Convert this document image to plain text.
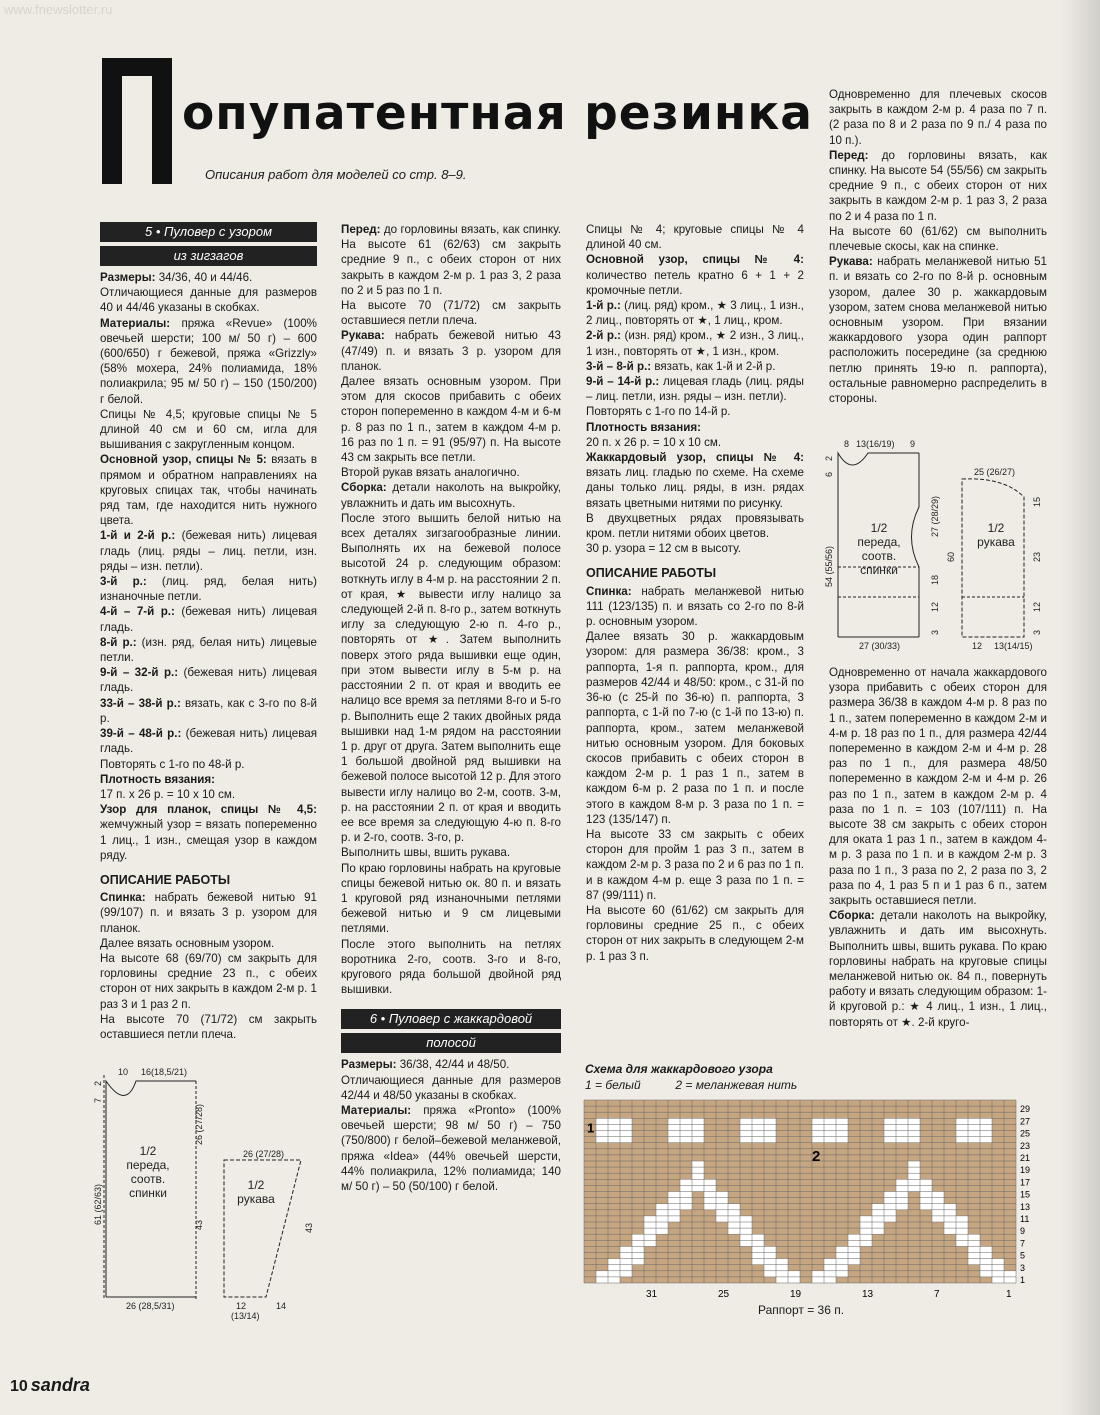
www.fnewslotter.ru
опупатентная резинка
Описания работ для моделей со стр. 8–9.
5 • Пуловер с узором
из зигзагов

Размеры: 34/36, 40 и 44/46.

Отличающиеся данные для размеров 40 и 44/46 указаны в скобках.

Материалы: пряжа «Revue» (100% овечьей шерсти; 100 м/ 50 г) – 600 (600/650) г бежевой, пряжа «Grizzly» (58% мохера, 24% полиамида, 18% полиакрила; 95 м/ 50 г) – 150 (150/200) г белой.

Спицы № 4,5; круговые спицы № 5 длиной 40 см и 60 см, игла для вышивания с закругленным концом.

Основной узор, спицы № 5: вязать в прямом и обратном направлениях на круговых спицах так, чтобы начинать ряд там, где находится нить нужного цвета.

1-й и 2-й р.: (бежевая нить) лицевая гладь (лиц. ряды – лиц. петли, изн. ряды – изн. петли).

3-й р.: (лиц. ряд, белая нить) изнаночные петли.

4-й – 7-й р.: (бежевая нить) лицевая гладь.

8-й р.: (изн. ряд, белая нить) лицевые петли.

9-й – 32-й р.: (бежевая нить) лицевая гладь.

33-й – 38-й р.: вязать, как с 3-го по 8-й р.

39-й – 48-й р.: (бежевая нить) лицевая гладь.

Повторять с 1-го по 48-й р.

Плотность вязания:

17 п. х 26 р. = 10 х 10 см.

Узор для планок, спицы № 4,5: жемчужный узор = вязать попеременно 1 лиц., 1 изн., смещая узор в каждом ряду.

ОПИСАНИЕ РАБОТЫ

Спинка: набрать бежевой нитью 91 (99/107) п. и вязать 3 р. узором для планок.

Далее вязать основным узором.

На высоте 68 (69/70) см закрыть для горловины средние 23 п., с обеих сторон от них закрыть в каждом 2-м р. 1 раз 3 и 1 раз 2 п.

На высоте 70 (71/72) см закрыть оставшиеся петли плеча.

Перед: до горловины вязать, как спинку. На высоте 61 (62/63) см закрыть средние 9 п., с обеих сторон от них закрыть в каждом 2-м р. 1 раз 3, 2 раза по 2 и 5 раз по 1 п.

На высоте 70 (71/72) см закрыть оставшиеся петли плеча.

Рукава: набрать бежевой нитью 43 (47/49) п. и вязать 3 р. узором для планок.

Далее вязать основным узором. При этом для скосов прибавить с обеих сторон попеременно в каждом 4-м и 6-м р. 8 раз по 1 п., затем в каждом 4-м р. 16 раз по 1 п. = 91 (95/97) п. На высоте 43 см закрыть все петли.

Второй рукав вязать аналогично.

Сборка: детали наколоть на выкройку, увлажнить и дать им высохнуть.

После этого вышить белой нитью на всех деталях зигзагообразные линии. Выполнять их на бежевой полосе высотой 24 р. следующим образом: воткнуть иглу в 4-м р. на расстоянии 2 п. от края, ★ вывести иглу налицо за следующей 2-й п. 8-го р., затем воткнуть иглу за следующую 2-ю п. 4-го р., повторять от ★. Затем выполнить поверх этого ряда вышивки еще один, при этом вывести иглу в 5-м р. на расстоянии 2 п. от края и вводить ее налицо все время за петлями 8-го и 5-го р. Выполнить еще 2 таких двойных ряда вышивки над 1-м рядом на расстоянии 1 р. друг от друга. Затем выполнить еще 1 большой двойной ряд вышивки на бежевой полосе высотой 12 р. Для этого вывести иглу налицо во 2-м, соотв. 3-м, р. на расстоянии 2 п. от края и вводить ее все время за следующую 4-ю п. 8-го р. и 2-го, соотв. 3-го, р.

Выполнить швы, вшить рукава.

По краю горловины набрать на круговые спицы бежевой нитью ок. 80 п. и вязать 1 круговой ряд изнаночными петлями бежевой нитью и 9 см лицевыми петлями.

После этого выполнить на петлях воротника 2-го, соотв. 3-го и 8-го, кругового ряда большой двойной ряд вышивки.

6 • Пуловер с жаккардовой
полосой

Размеры: 36/38, 42/44 и 48/50.

Отличающиеся данные для размеров 42/44 и 48/50 указаны в скобках.

Материалы: пряжа «Pronto» (100% овечьей шерсти; 98 м/ 50 г) – 750 (750/800) г белой–бежевой меланжевой, пряжа «Idea» (44% овечьей шерсти, 44% полиакрила, 12% полиамида; 140 м/ 50 г) – 50 (50/100) г белой.

Спицы № 4; круговые спицы № 4 длиной 40 см.

Основной узор, спицы № 4: количество петель кратно 6 + 1 + 2 кромочные петли.

1-й р.: (лиц. ряд) кром., ★ 3 лиц., 1 изн., 2 лиц., повторять от ★, 1 лиц., кром.

2-й р.: (изн. ряд) кром., ★ 2 изн., 3 лиц., 1 изн., повторять от ★, 1 изн., кром.

3-й – 8-й р.: вязать, как 1-й и 2-й р.

9-й – 14-й р.: лицевая гладь (лиц. ряды – лиц. петли, изн. ряды – изн. петли).

Повторять с 1-го по 14-й р.

Плотность вязания:

20 п. х 26 р. = 10 х 10 см.

Жаккардовый узор, спицы № 4: вязать лиц. гладью по схеме. На схеме даны только лиц. ряды, в изн. рядах вязать цветными нитями по рисунку.

В двухцветных рядах провязывать кром. петли нитями обоих цветов.

30 р. узора = 12 см в высоту.

ОПИСАНИЕ РАБОТЫ

Спинка: набрать меланжевой нитью 111 (123/135) п. и вязать со 2-го по 8-й р. основным узором.

Далее вязать 30 р. жаккардовым узором: для размера 36/38: кром., 3 раппорта, 1-я п. раппорта, кром., для размеров 42/44 и 48/50: кром., с 31-й по 36-ю (с 25-й по 36-ю) п. раппорта, 3 раппорта, с 1-й по 7-ю (с 1-й по 13-ю) п. раппорта, кром., затем меланжевой нитью основным узором. Для боковых скосов прибавить с обеих сторон в каждом 2-м р. 1 раз 1 п., затем в каждом 6-м р. 2 раза по 1 п. и после этого в каждом 8-м р. 3 раза по 1 п. = 123 (135/147) п.

На высоте 33 см закрыть с обеих сторон для пройм 1 раз 3 п., затем в каждом 2-м р. 3 раза по 2 и 6 раз по 1 п. и в каждом 4-м р. еще 3 раза по 1 п. = 87 (99/111) п.

На высоте 60 (61/62) см закрыть для горловины средние 25 п., с обеих сторон от них закрыть в следующем 2-м р. 1 раз 3 п.

Одновременно для плечевых скосов закрыть в каждом 2-м р. 4 раза по 7 п. (2 раза по 8 и 2 раза по 9 п./ 4 раза по 10 п.).

Перед: до горловины вязать, как спинку. На высоте 54 (55/56) см закрыть средние 9 п., с обеих сторон от них закрыть в каждом 2-м р. 1 раз 3, 2 раза по 2 и 4 раза по 1 п.

На высоте 60 (61/62) см выполнить плечевые скосы, как на спинке.

Рукава: набрать меланжевой нитью 51 п. и вязать со 2-го по 8-й р. основным узором, далее 30 р. жаккардовым узором, затем снова меланжевой нитью основным узором. При вязании жаккардового узора один раппорт расположить посередине (за среднюю петлю принять 19-ю п. раппорта), остальные равномерно распределить в стороны.

Одновременно от начала жаккардового узора прибавить с обеих сторон для размера 36/38 в каждом 4-м р. 8 раз по 1 п., затем попеременно в каждом 2-м и 4-м р. 18 раз по 1 п., для размера 42/44 попеременно в каждом 2-м и 4-м р. 28 раз по 1 п., для размера 48/50 попеременно в каждом 2-м и 4-м р. 26 раз по 1 п., затем в каждом 2-м р. 4 раза по 1 п. = 103 (107/111) п. На высоте 38 см закрыть с обеих сторон для оката 1 раз 1 п., затем в каждом 4-м р. 3 раза по 1 п. и в каждом 2-м р. 3 раза по 1 п., 3 раза по 2, 2 раза по 3, 2 раза по 4, 1 раз 5 п и 1 раз 6 п., затем закрыть оставшиеся петли.

Сборка: детали наколоть на выкройку, увлажнить и дать им высохнуть. Выполнить швы, вшить рукава. По краю горловины набрать на круговые спицы меланжевой нитью ок. 84 п., повернуть работу и вязать следующим образом: 1-й круговой р.: ★ 4 лиц., 1 изн., 1 лиц., повторять от ★. 2-й круго-

10 16(18,5/21)
2
7
26 (27/28)
61 (62/63)	43
26 (28,5/31)
26 (27/28)
43
12
(13/14)
14
1/2
переда,
соотв.
спинки
1/2
рукава
8 13(16/19) 9
2
6
54 (55/56)
27 (28/29)
18
12
3
60
27 (30/33)
25 (26/27)
15
23
12
3
12 13(14/15)
1/2
переда,
соотв.
спинки
1/2
рукава
Схема для жаккардового узора
1 = белый	2 = меланжевая нить
1
2
1
3
5
7
9
11
13
15
17
19
21
23
25
27
29
31	25	19	13	7	1
Раппорт = 36 п.
10 sandra
